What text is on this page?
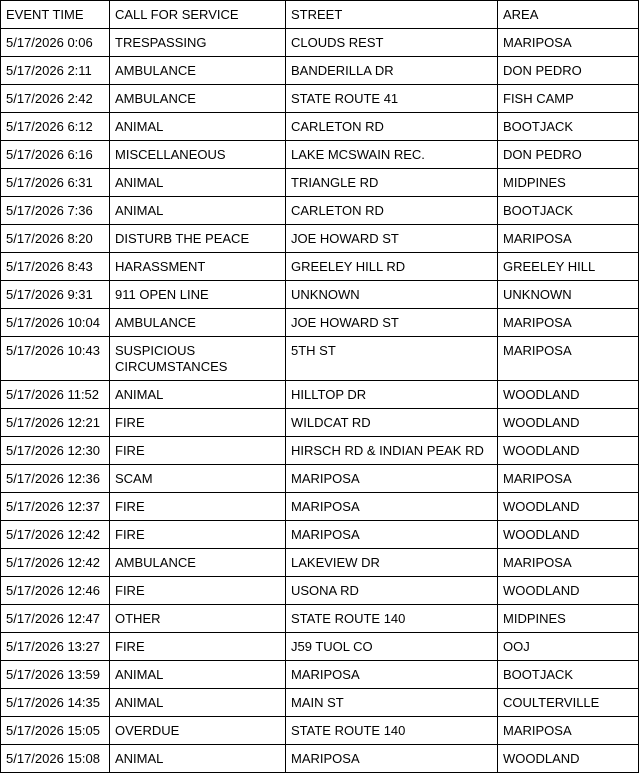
EVENT TIME	CALL FOR SERVICE	STREET	AREA
5/17/2026 0:06	TRESPASSING	CLOUDS REST	MARIPOSA
5/17/2026 2:11	AMBULANCE	BANDERILLA DR	DON PEDRO
5/17/2026 2:42	AMBULANCE	STATE ROUTE 41	FISH CAMP
5/17/2026 6:12	ANIMAL	CARLETON RD	BOOTJACK
5/17/2026 6:16	MISCELLANEOUS	LAKE MCSWAIN REC.	DON PEDRO
5/17/2026 6:31	ANIMAL	TRIANGLE RD	MIDPINES
5/17/2026 7:36	ANIMAL	CARLETON RD	BOOTJACK
5/17/2026 8:20	DISTURB THE PEACE	JOE HOWARD ST	MARIPOSA
5/17/2026 8:43	HARASSMENT	GREELEY HILL RD	GREELEY HILL
5/17/2026 9:31	911 OPEN LINE	UNKNOWN	UNKNOWN
5/17/2026 10:04	AMBULANCE	JOE HOWARD ST	MARIPOSA
5/17/2026 10:43	SUSPICIOUS CIRCUMSTANCES	5TH ST	MARIPOSA
5/17/2026 11:52	ANIMAL	HILLTOP DR	WOODLAND
5/17/2026 12:21	FIRE	WILDCAT RD	WOODLAND
5/17/2026 12:30	FIRE	HIRSCH RD & INDIAN PEAK RD	WOODLAND
5/17/2026 12:36	SCAM	MARIPOSA	MARIPOSA
5/17/2026 12:37	FIRE	MARIPOSA	WOODLAND
5/17/2026 12:42	FIRE	MARIPOSA	WOODLAND
5/17/2026 12:42	AMBULANCE	LAKEVIEW DR	MARIPOSA
5/17/2026 12:46	FIRE	USONA RD	WOODLAND
5/17/2026 12:47	OTHER	STATE ROUTE 140	MIDPINES
5/17/2026 13:27	FIRE	J59 TUOL CO	OOJ
5/17/2026 13:59	ANIMAL	MARIPOSA	BOOTJACK
5/17/2026 14:35	ANIMAL	MAIN ST	COULTERVILLE
5/17/2026 15:05	OVERDUE	STATE ROUTE 140	MARIPOSA
5/17/2026 15:08	ANIMAL	MARIPOSA	WOODLAND
